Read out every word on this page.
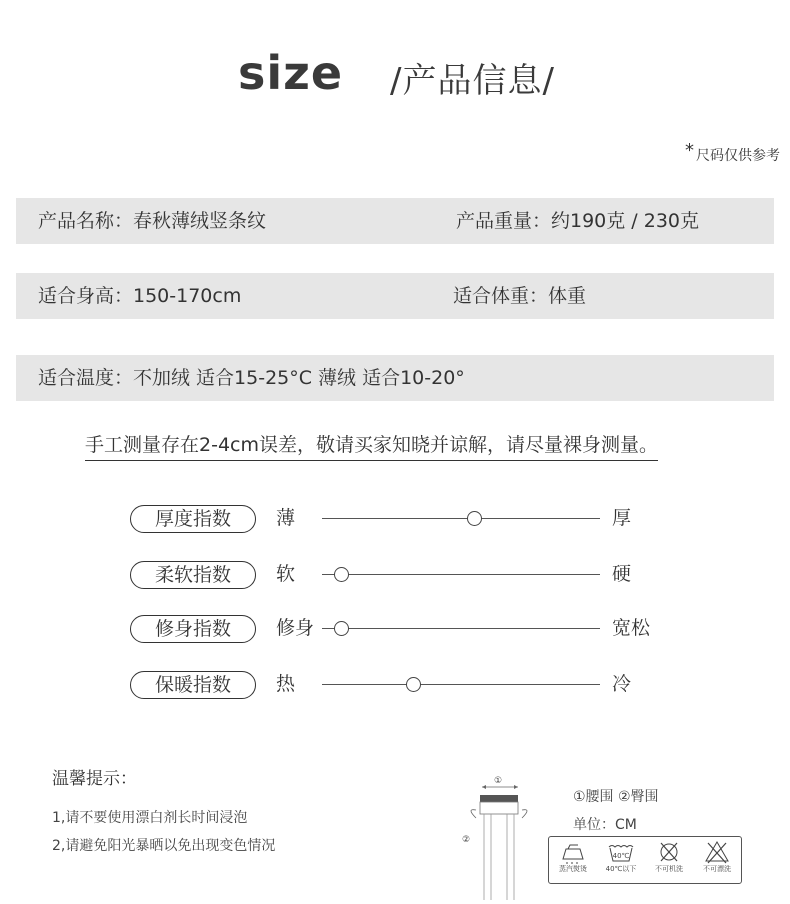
size /产品信息/
* 尺码仅供参考
产品名称：春秋薄绒竖条纹	产品重量：约190克 / 230克
适合身高：150-170cm	适合体重：体重
适合温度：不加绒 适合15-25°C 薄绒 适合10-20°
手工测量存在2-4cm误差，敬请买家知晓并谅解，请尽量裸身测量。
厚度指数	薄	厚
柔软指数	软	硬
修身指数	修身	宽松
保暖指数	热	冷
温馨提示：
1,请不要使用漂白剂长时间浸泡
2,请避免阳光暴晒以免出现变色情况
①
②
①腰围 ②臀围
单位：CM
蒸汽熨烫
40℃
40℃以下	不可机洗	不可漂洗
